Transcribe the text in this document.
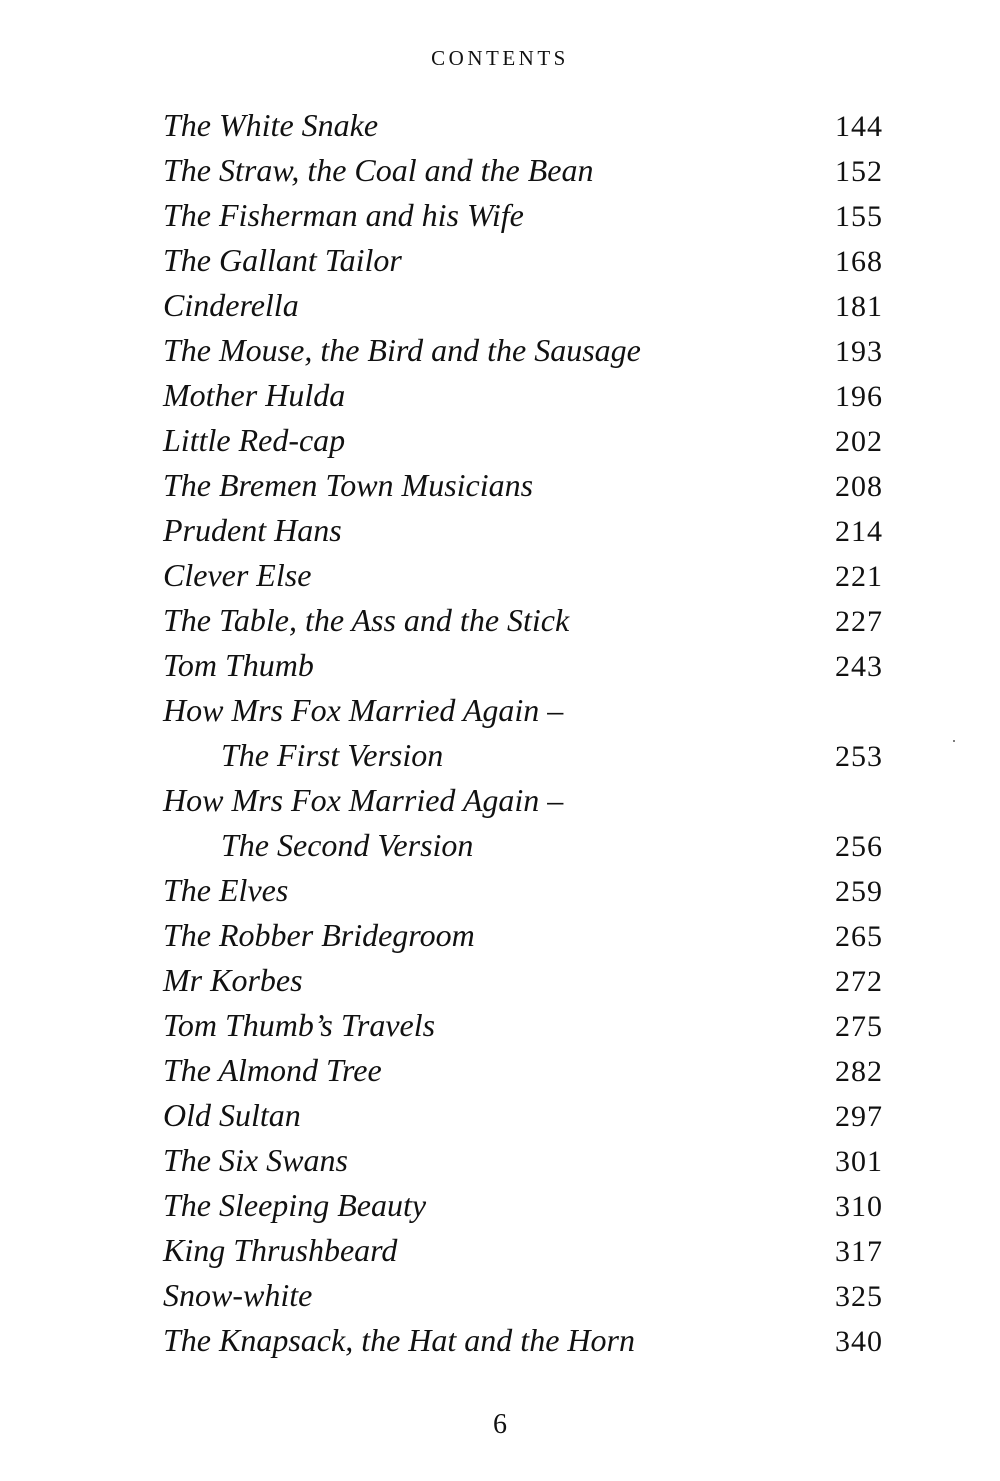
CONTENTS
The White Snake	144
The Straw, the Coal and the Bean	152
The Fisherman and his Wife	155
The Gallant Tailor	168
Cinderella	181
The Mouse, the Bird and the Sausage	193
Mother Hulda	196
Little Red-cap	202
The Bremen Town Musicians	208
Prudent Hans	214
Clever Else	221
The Table, the Ass and the Stick	227
Tom Thumb	243
How Mrs Fox Married Again –
The First Version	253
How Mrs Fox Married Again –
The Second Version	256
The Elves	259
The Robber Bridegroom	265
Mr Korbes	272
Tom Thumb’s Travels	275
The Almond Tree	282
Old Sultan	297
The Six Swans	301
The Sleeping Beauty	310
King Thrushbeard	317
Snow-white	325
The Knapsack, the Hat and the Horn	340
6
